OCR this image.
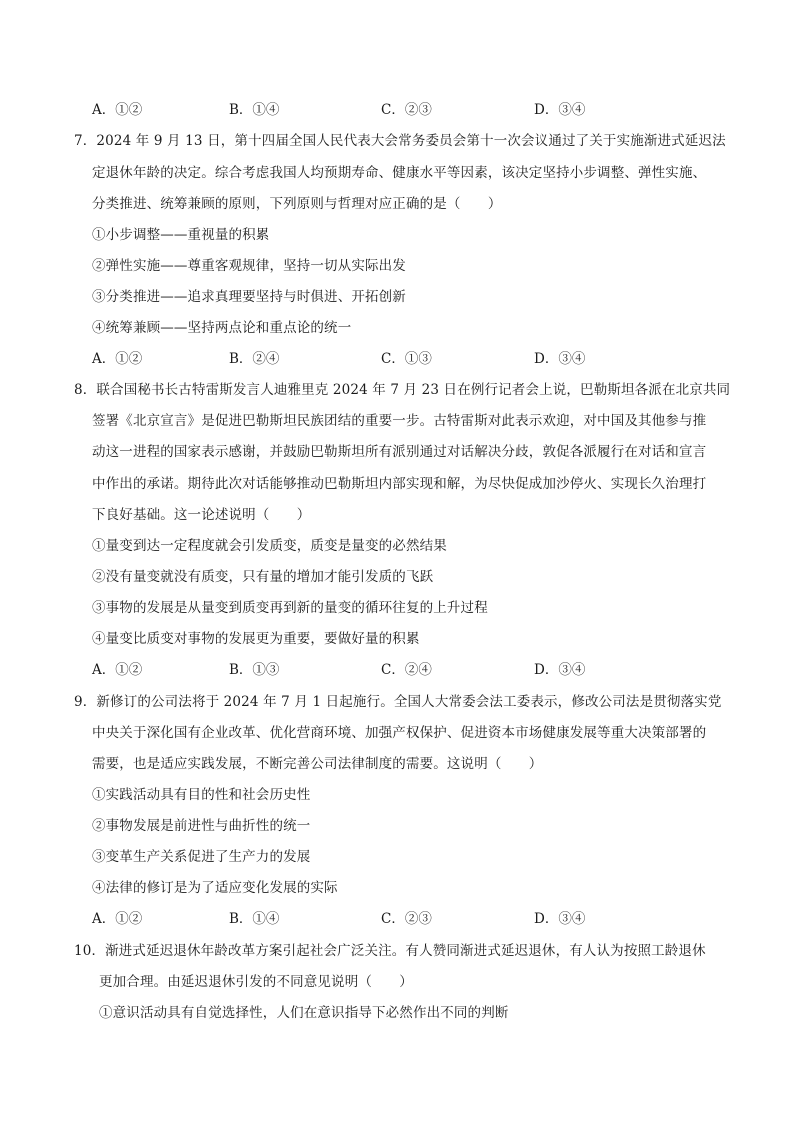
A．①②	B．①④	C．②③	D．③④
7．2024 年 9 月 13 日，第十四届全国人民代表大会常务委员会第十一次会议通过了关于实施渐进式延迟法
定退休年龄的决定。综合考虑我国人均预期寿命、健康水平等因素，该决定坚持小步调整、弹性实施、
分类推进、统筹兼顾的原则，下列原则与哲理对应正确的是（　　）
①小步调整——重视量的积累
②弹性实施——尊重客观规律，坚持一切从实际出发
③分类推进——追求真理要坚持与时俱进、开拓创新
④统筹兼顾——坚持两点论和重点论的统一
A．①②	B．②④	C．①③	D．③④
8．联合国秘书长古特雷斯发言人迪雅里克 2024 年 7 月 23 日在例行记者会上说，巴勒斯坦各派在北京共同
签署《北京宣言》是促进巴勒斯坦民族团结的重要一步。古特雷斯对此表示欢迎，对中国及其他参与推
动这一进程的国家表示感谢，并鼓励巴勒斯坦所有派别通过对话解决分歧，敦促各派履行在对话和宣言
中作出的承诺。期待此次对话能够推动巴勒斯坦内部实现和解，为尽快促成加沙停火、实现长久治理打
下良好基础。这一论述说明（　　）
①量变到达一定程度就会引发质变，质变是量变的必然结果
②没有量变就没有质变，只有量的增加才能引发质的飞跃
③事物的发展是从量变到质变再到新的量变的循环往复的上升过程
④量变比质变对事物的发展更为重要，要做好量的积累
A．①②	B．①③	C．②④	D．③④
9．新修订的公司法将于 2024 年 7 月 1 日起施行。全国人大常委会法工委表示，修改公司法是贯彻落实党
中央关于深化国有企业改革、优化营商环境、加强产权保护、促进资本市场健康发展等重大决策部署的
需要，也是适应实践发展，不断完善公司法律制度的需要。这说明（　　）
①实践活动具有目的性和社会历史性
②事物发展是前进性与曲折性的统一
③变革生产关系促进了生产力的发展
④法律的修订是为了适应变化发展的实际
A．①②	B．①④	C．②③	D．③④
10．渐进式延迟退休年龄改革方案引起社会广泛关注。有人赞同渐进式延迟退休，有人认为按照工龄退休
更加合理。由延迟退休引发的不同意见说明（　　）
①意识活动具有自觉选择性，人们在意识指导下必然作出不同的判断
